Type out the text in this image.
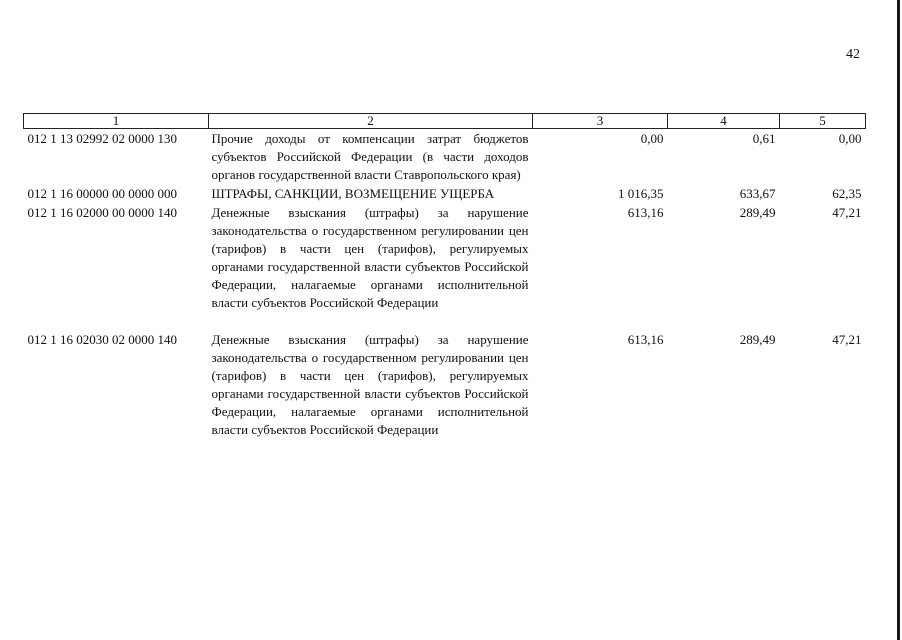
42
1	2	3	4	5
012 1 13 02992 02 0000 130	Прочие доходы от компенсации затрат бюджетов субъектов Российской Федерации (в части доходов органов государственной власти Ставропольского края)	0,00	0,61	0,00
012 1 16 00000 00 0000 000	ШТРАФЫ, САНКЦИИ, ВОЗМЕЩЕНИЕ УЩЕРБА	1 016,35	633,67	62,35
012 1 16 02000 00 0000 140	Денежные взыскания (штрафы) за нарушение законодательства о государственном регулировании цен (тарифов) в части цен (тарифов), регулируемых органами государственной власти субъектов Российской Федерации, налагаемые органами исполнительной власти субъектов Российской Федерации	613,16	289,49	47,21
012 1 16 02030 02 0000 140	Денежные взыскания (штрафы) за нарушение законодательства о государственном регулировании цен (тарифов) в части цен (тарифов), регулируемых органами государственной власти субъектов Российской Федерации, налагаемые органами исполнительной власти субъектов Российской Федерации	613,16	289,49	47,21
